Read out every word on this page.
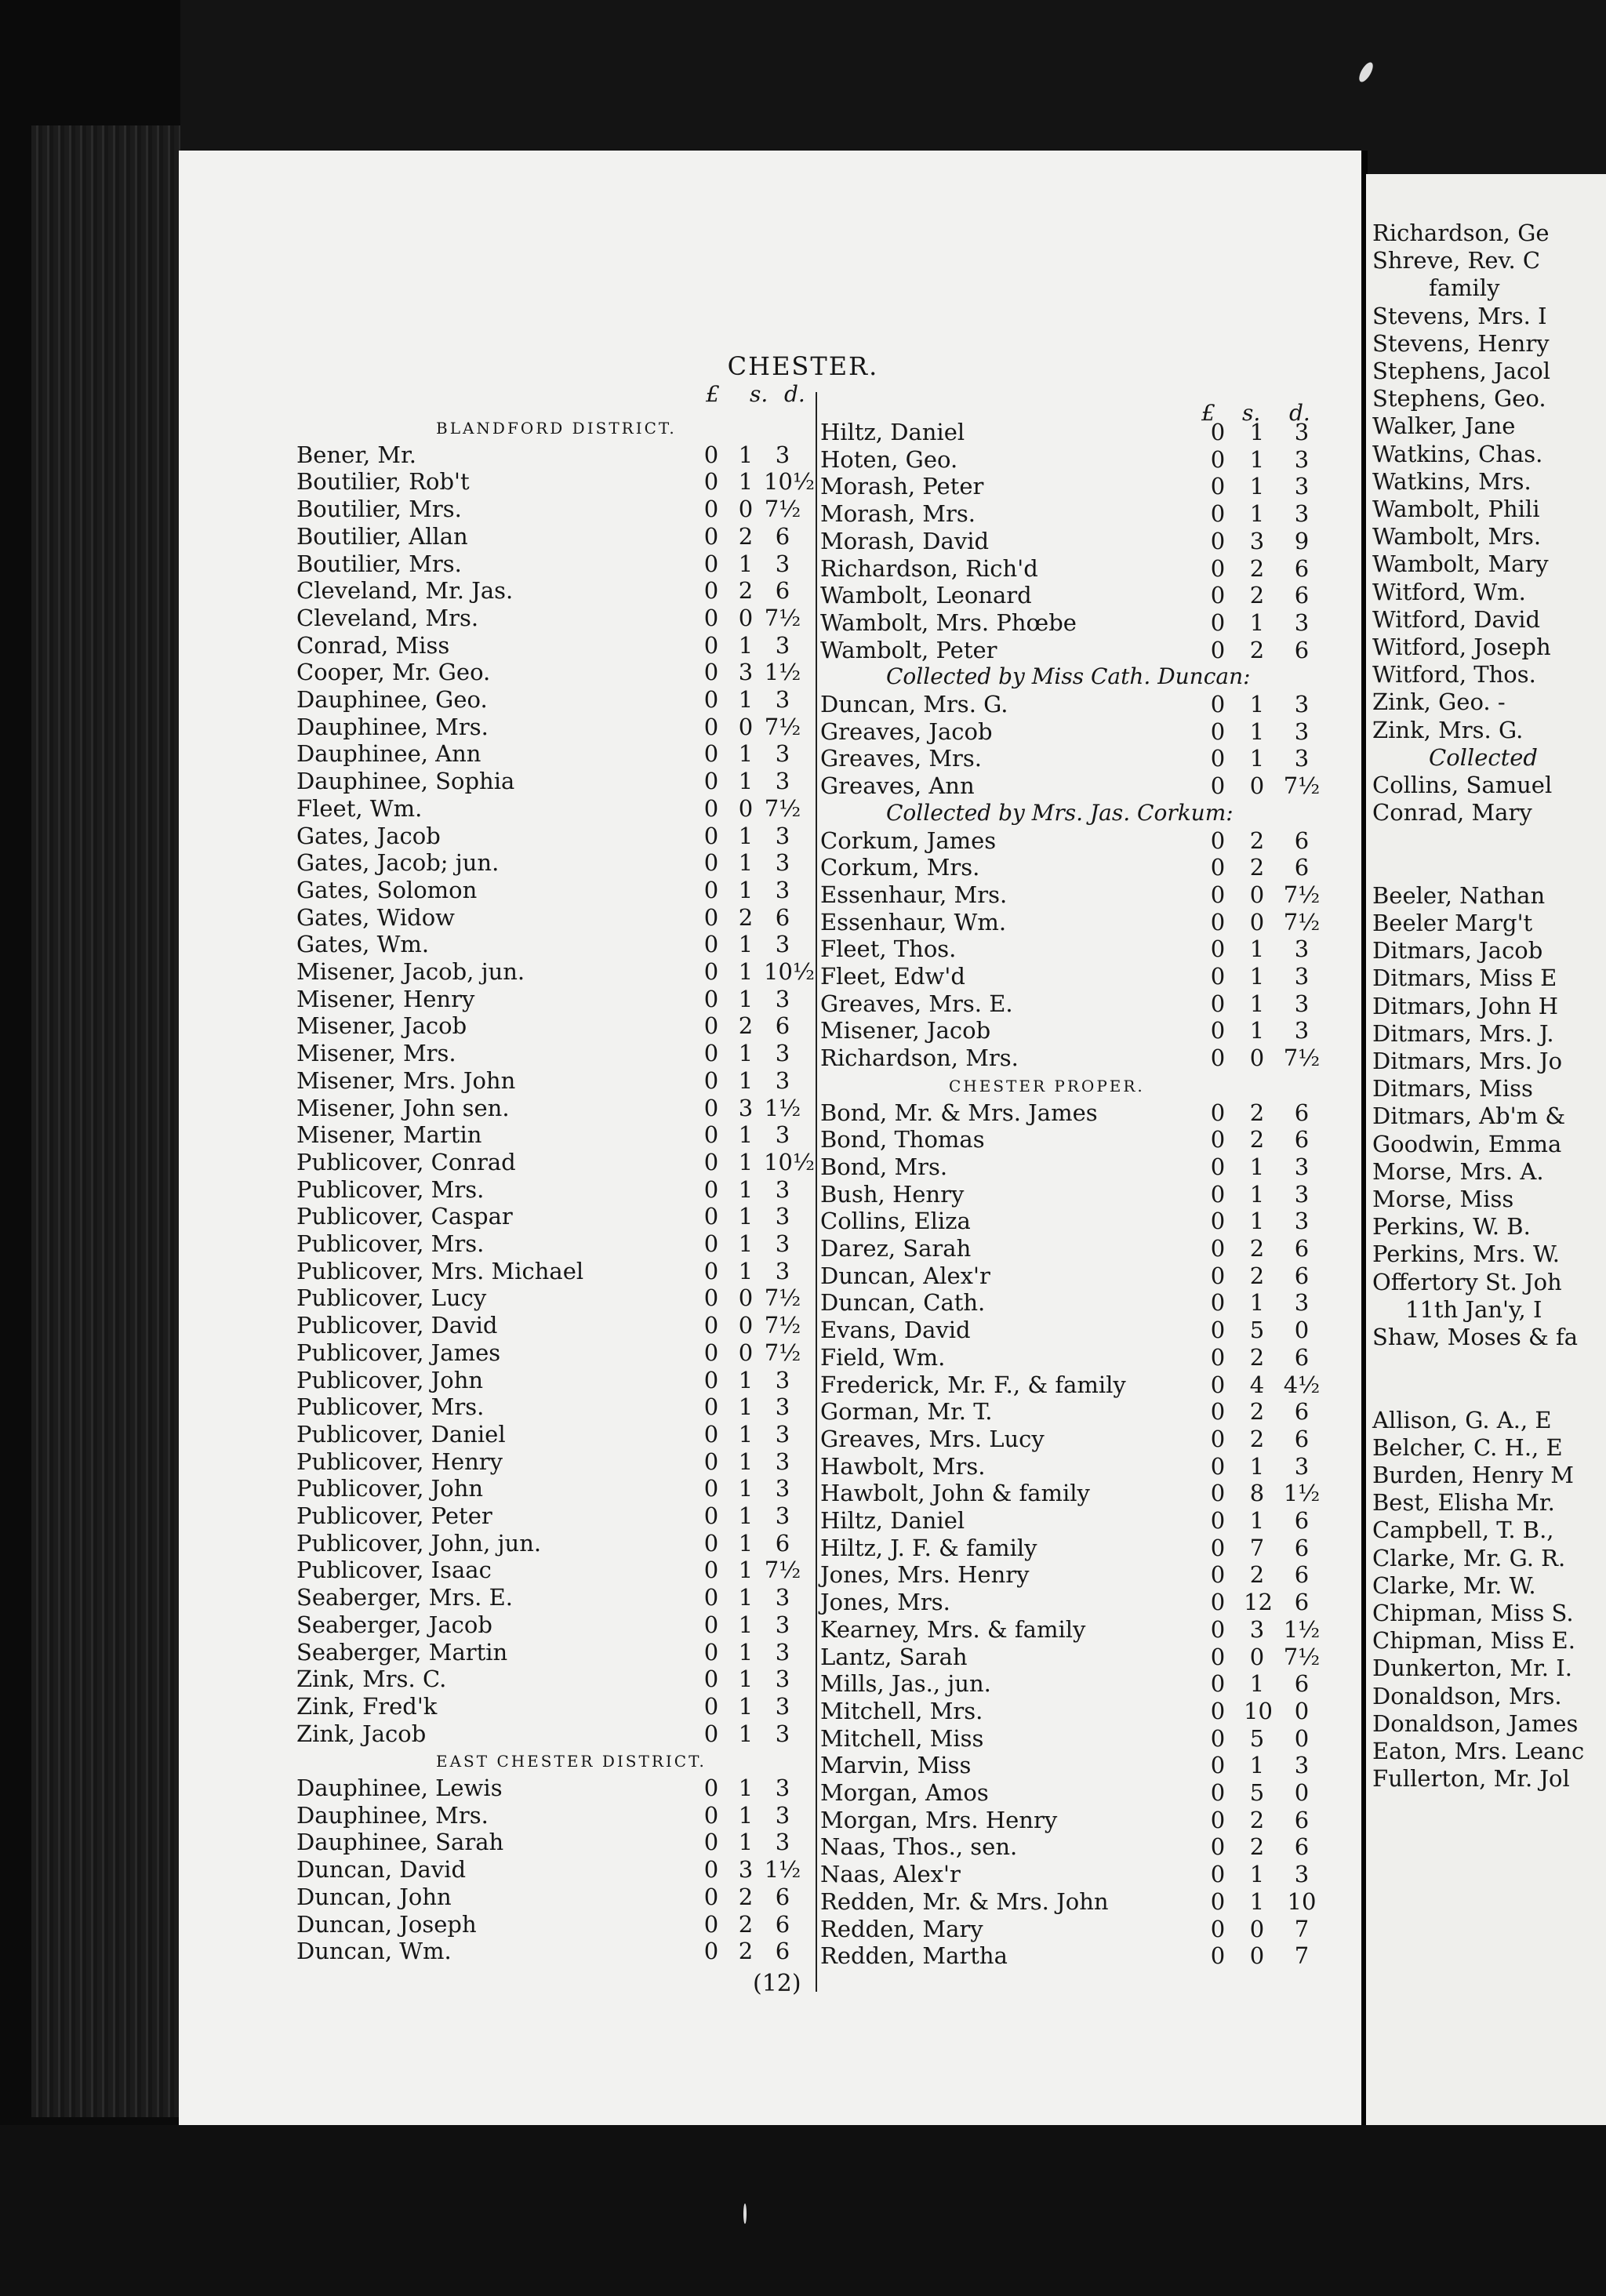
Richardson, Ge
Shreve, Rev. C
family
Stevens, Mrs. I
Stevens, Henry
Stephens, Jacol
Stephens, Geo.
Walker, Jane
Watkins, Chas.
Watkins, Mrs.
Wambolt, Phili
Wambolt, Mrs.
Wambolt, Mary
Witford, Wm.
Witford, David
Witford, Joseph
Witford, Thos.
Zink, Geo. -
Zink, Mrs. G.
Collected
Collins, Samuel
Conrad, Mary
Beeler, Nathan
Beeler Marg't
Ditmars, Jacob
Ditmars, Miss E
Ditmars, John H
Ditmars, Mrs. J.
Ditmars, Mrs. Jo
Ditmars, Miss
Ditmars, Ab'm &
Goodwin, Emma
Morse, Mrs. A.
Morse, Miss
Perkins, W. B.
Perkins, Mrs. W.
Offertory St. Joh
11th Jan'y, I
Shaw, Moses & fa
Allison, G. A., E
Belcher, C. H., E
Burden, Henry M
Best, Elisha Mr.
Campbell, T. B.,
Clarke, Mr. G. R.
Clarke, Mr. W.
Chipman, Miss S.
Chipman, Miss E.
Dunkerton, Mr. I.
Donaldson, Mrs.
Donaldson, James
Eaton, Mrs. Leanc
Fullerton, Mr. Jol
CHESTER.
£ s. d.
£ s. d.
BLANDFORD DISTRICT.
Bener, Mr.	0 1 3
Boutilier, Rob't	0 1 10½
Boutilier, Mrs.	0 0 7½
Boutilier, Allan	0 2 6
Boutilier, Mrs.	0 1 3
Cleveland, Mr. Jas.	0 2 6
Cleveland, Mrs.	0 0 7½
Conrad, Miss	0 1 3
Cooper, Mr. Geo.	0 3 1½
Dauphinee, Geo.	0 1 3
Dauphinee, Mrs.	0 0 7½
Dauphinee, Ann	0 1 3
Dauphinee, Sophia	0 1 3
Fleet, Wm.	0 0 7½
Gates, Jacob	0 1 3
Gates, Jacob; jun.	0 1 3
Gates, Solomon	0 1 3
Gates, Widow	0 2 6
Gates, Wm.	0 1 3
Misener, Jacob, jun.	0 1 10½
Misener, Henry	0 1 3
Misener, Jacob	0 2 6
Misener, Mrs.	0 1 3
Misener, Mrs. John	0 1 3
Misener, John sen.	0 3 1½
Misener, Martin	0 1 3
Publicover, Conrad	0 1 10½
Publicover, Mrs.	0 1 3
Publicover, Caspar	0 1 3
Publicover, Mrs.	0 1 3
Publicover, Mrs. Michael	0 1 3
Publicover, Lucy	0 0 7½
Publicover, David	0 0 7½
Publicover, James	0 0 7½
Publicover, John	0 1 3
Publicover, Mrs.	0 1 3
Publicover, Daniel	0 1 3
Publicover, Henry	0 1 3
Publicover, John	0 1 3
Publicover, Peter	0 1 3
Publicover, John, jun.	0 1 6
Publicover, Isaac	0 1 7½
Seaberger, Mrs. E.	0 1 3
Seaberger, Jacob	0 1 3
Seaberger, Martin	0 1 3
Zink, Mrs. C.	0 1 3
Zink, Fred'k	0 1 3
Zink, Jacob	0 1 3
EAST CHESTER DISTRICT.
Dauphinee, Lewis	0 1 3
Dauphinee, Mrs.	0 1 3
Dauphinee, Sarah	0 1 3
Duncan, David	0 3 1½
Duncan, John	0 2 6
Duncan, Joseph	0 2 6
Duncan, Wm.	0 2 6
Hiltz, Daniel	0 1	3
Hoten, Geo.	0 1	3
Morash, Peter	0 1	3
Morash, Mrs.	0 1	3
Morash, David	0 3	9
Richardson, Rich'd	0 2	6
Wambolt, Leonard	0 2	6
Wambolt, Mrs. Phœbe	0 1	3
Wambolt, Peter	0 2	6
Collected by Miss Cath. Duncan:
Duncan, Mrs. G.	0 1	3
Greaves, Jacob	0 1	3
Greaves, Mrs.	0 1	3
Greaves, Ann	0 0 7½
Collected by Mrs. Jas. Corkum:
Corkum, James	0 2	6
Corkum, Mrs.	0 2	6
Essenhaur, Mrs.	0 0 7½
Essenhaur, Wm.	0 0 7½
Fleet, Thos.	0 1	3
Fleet, Edw'd	0 1	3
Greaves, Mrs. E.	0 1	3
Misener, Jacob	0 1	3
Richardson, Mrs.	0 0 7½
CHESTER PROPER.
Bond, Mr. & Mrs. James	0 2	6
Bond, Thomas	0 2	6
Bond, Mrs.	0 1	3
Bush, Henry	0 1	3
Collins, Eliza	0 1	3
Darez, Sarah	0 2	6
Duncan, Alex'r	0 2	6
Duncan, Cath.	0 1	3
Evans, David	0 5	0
Field, Wm.	0 2	6
Frederick, Mr. F., & family	0 4 4½
Gorman, Mr. T.	0 2	6
Greaves, Mrs. Lucy	0 2	6
Hawbolt, Mrs.	0 1	3
Hawbolt, John & family	0 8 1½
Hiltz, Daniel	0 1	6
Hiltz, J. F. & family	0 7	6
Jones, Mrs. Henry	0 2	6
Jones, Mrs.	0 12 6
Kearney, Mrs. & family	0 3 1½
Lantz, Sarah	0 0 7½
Mills, Jas., jun.	0 1	6
Mitchell, Mrs.	0 10 0
Mitchell, Miss	0 5	0
Marvin, Miss	0 1	3
Morgan, Amos	0 5	0
Morgan, Mrs. Henry	0 2	6
Naas, Thos., sen.	0 2	6
Naas, Alex'r	0 1	3
Redden, Mr. & Mrs. John	0 1 10
Redden, Mary	0 0	7
Redden, Martha	0 0	7
(12)
